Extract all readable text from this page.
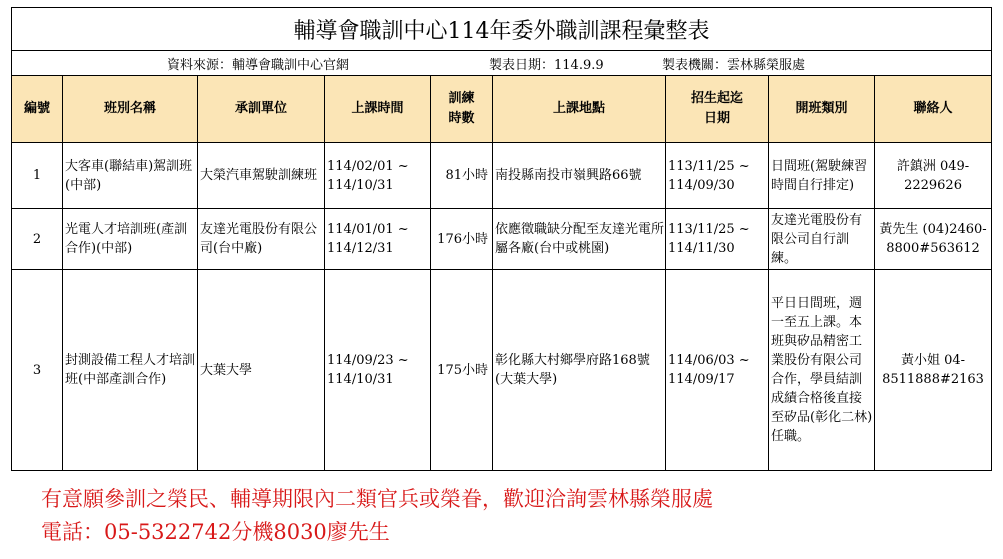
輔導會職訓中心114年委外職訓課程彙整表								

資料來源：輔導會職訓中心官網 製表日期：114.9.9 製表機關：雲林縣榮服處								

編號	班別名稱	承訓單位	上課時間	訓練時數	上課地點	招生起迄日期	開班類別	聯絡人
1	大客車(聯結車)駕訓班(中部)	大榮汽車駕駛訓練班	114/02/01 ~ 114/10/31	81小時	南投縣南投市嶺興路66號	113/11/25 ~ 114/09/30	日間班(駕駛練習時間自行排定)	許鎮洲 049-2229626
2	光電人才培訓班(產訓合作)(中部)	友達光電股份有限公司(台中廠)	114/01/01 ~ 114/12/31	176小時	依應徵職缺分配至友達光電所屬各廠(台中或桃園)	113/11/25 ~ 114/11/30	友達光電股份有限公司自行訓練。	黃先生 (04)2460-8800#563612
3	封測設備工程人才培訓班(中部產訓合作)	大葉大學	114/09/23 ~ 114/10/31	175小時	彰化縣大村鄉學府路168號(大葉大學)	114/06/03 ~ 114/09/17	平日日間班，週一至五上課。本班與矽品精密工業股份有限公司合作，學員結訓成績合格後直接至矽品(彰化二林)任職。	黃小姐 04-8511888#2163
有意願參訓之榮民、輔導期限內二類官兵或榮眷，歡迎洽詢雲林縣榮服處
電話：05-5322742分機8030廖先生
